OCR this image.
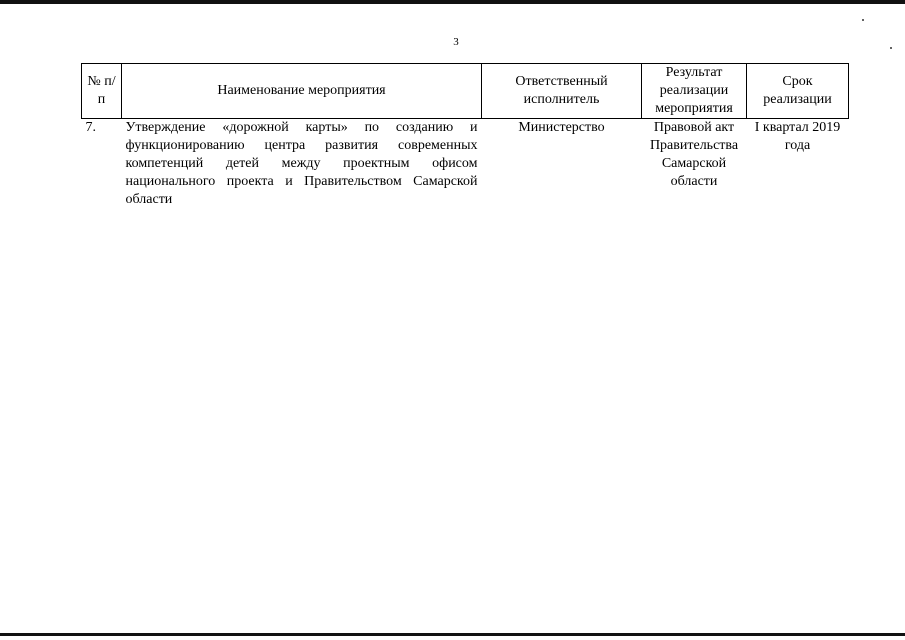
3
№ п/п	Наименование мероприятия	Ответственный исполнитель	Результат реализации мероприятия	Срок реализации
7.	Утверждение «дорожной карты» по созданию и функционированию центра развития современных компетенций детей между проектным офисом национального проекта и Правительством Самарской области	Министерство	Правовой акт Правительства Самарской области	I квартал 2019 года
